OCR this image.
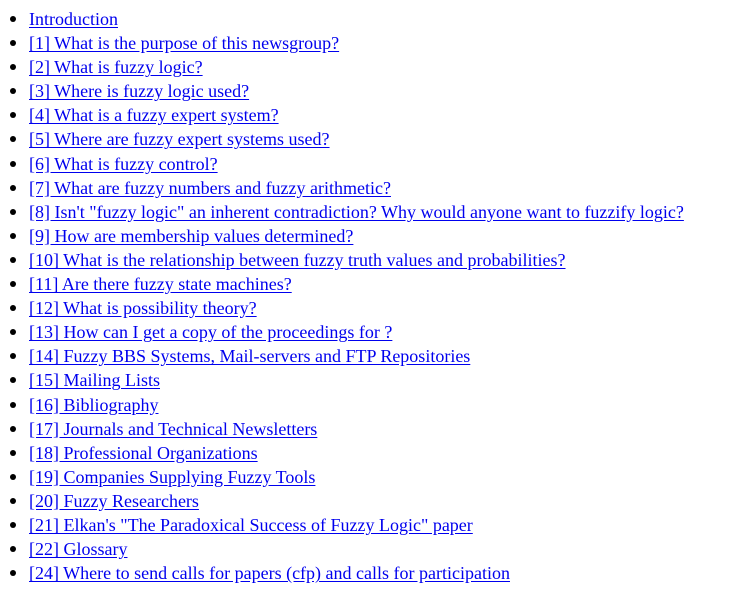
Introduction
[1] What is the purpose of this newsgroup?
[2] What is fuzzy logic?
[3] Where is fuzzy logic used?
[4] What is a fuzzy expert system?
[5] Where are fuzzy expert systems used?
[6] What is fuzzy control?
[7] What are fuzzy numbers and fuzzy arithmetic?
[8] Isn't "fuzzy logic" an inherent contradiction? Why would anyone want to fuzzify logic?
[9] How are membership values determined?
[10] What is the relationship between fuzzy truth values and probabilities?
[11] Are there fuzzy state machines?
[12] What is possibility theory?
[13] How can I get a copy of the proceedings for ?
[14] Fuzzy BBS Systems, Mail-servers and FTP Repositories
[15] Mailing Lists
[16] Bibliography
[17] Journals and Technical Newsletters
[18] Professional Organizations
[19] Companies Supplying Fuzzy Tools
[20] Fuzzy Researchers
[21] Elkan's "The Paradoxical Success of Fuzzy Logic" paper
[22] Glossary
[24] Where to send calls for papers (cfp) and calls for participation
